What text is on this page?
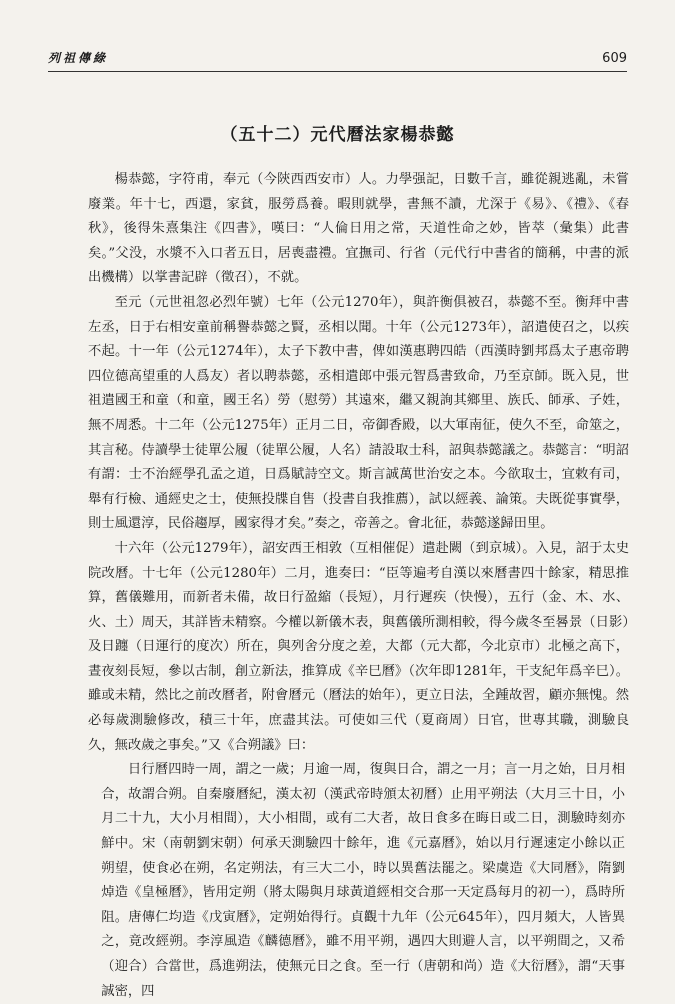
列祖傳綠	609
（五十二）元代曆法家楊恭懿

楊恭懿，字符甫，奉元（今陝西西安市）人。力學强記，日數千言，雖從親逃亂，未嘗廢業。年十七，西還，家貧，服勞爲養。暇則就學，書無不讀，尤深于《易》、《禮》、《春秋》，後得朱熹集注《四書》，嘆曰：“人倫日用之常，天道性命之妙，皆萃（彙集）此書矣。”父没，水漿不入口者五日，居喪盡禮。宜撫司、行省（元代行中書省的簡稱，中書的派出機構）以掌書記辟（徵召），不就。

至元（元世祖忽必烈年號）七年（公元1270年），與許衡俱被召，恭懿不至。衡拜中書左丞，日于右相安童前稱譽恭懿之賢，丞相以聞。十年（公元1273年），詔遣使召之，以疾不起。十一年（公元1274年），太子下教中書，俾如漢惠聘四皓（西漢時劉邦爲太子惠帝聘四位德高望重的人爲友）者以聘恭懿，丞相遣郎中張元智爲書致命，乃至京師。既入見，世祖遣國王和童（和童，國王名）勞（慰勞）其遠來，繼又親詢其鄉里、族氏、師承、子姓，無不周悉。十二年（公元1275年）正月二日，帝御香殿，以大軍南征，使久不至，命筮之，其言秘。侍讀學士徒單公履（徒單公履，人名）請設取士科，詔與恭懿議之。恭懿言：“明詔有謂：士不治經學孔孟之道，日爲賦詩空文。斯言誠萬世治安之本。今欲取士，宜敕有司，舉有行檢、通經史之士，使無投牒自售（投書自我推薦），試以經義、論策。夫既從事實學，則士風還淳，民俗趨厚，國家得才矣。”奏之，帝善之。會北征，恭懿遂歸田里。

十六年（公元1279年），詔安西王相敦（互相催促）遣赴闕（到京城）。入見，詔于太史院改曆。十七年（公元1280年）二月，進奏曰：“臣等遍考自漢以來曆書四十餘家，精思推算，舊儀難用，而新者未備，故日行盈縮（長短），月行遲疾（快慢），五行（金、木、水、火、土）周天，其詳皆未精察。今權以新儀木表，與舊儀所測相較，得今歲冬至晷景（日影）及日躔（日運行的度次）所在，與列舍分度之差，大都（元大都，今北京市）北極之高下，晝夜刻長短，參以古制，創立新法，推算成《辛巳曆》（次年即1281年，干支紀年爲辛巳）。雖或未精，然比之前改曆者，附會曆元（曆法的始年），更立日法，全踵故習，顧亦無愧。然必每歲測驗修改，積三十年，庶盡其法。可使如三代（夏商周）日官，世專其職，測驗良久，無改歲之事矣。”又《合朔議》曰：

日行曆四時一周，謂之一歲；月逾一周，復與日合，謂之一月；言一月之始，日月相合，故謂合朔。自秦廢曆紀，漢太初（漢武帝時頒太初曆）止用平朔法（大月三十日，小月二十九，大小月相間），大小相間，或有二大者，故日食多在晦日或二日，測驗時刻亦鮮中。宋（南朝劉宋朝）何承天測驗四十餘年，進《元嘉曆》，始以月行遲速定小餘以正朔望，使食必在朔，名定朔法，有三大二小，時以異舊法罷之。梁虞造《大同曆》，隋劉焯造《皇極曆》，皆用定朔（將太陽與月球黃道經相交合那一天定爲每月的初一），爲時所阻。唐傳仁均造《戊寅曆》，定朔始得行。貞觀十九年（公元645年），四月頻大，人皆異之，竟改經朔。李淳風造《麟德曆》，雖不用平朔，遇四大則避人言，以平朔間之，又希（迎合）合當世，爲進朔法，使無元日之食。至一行（唐朝和尚）造《大衍曆》，謂“天事誠密，四
